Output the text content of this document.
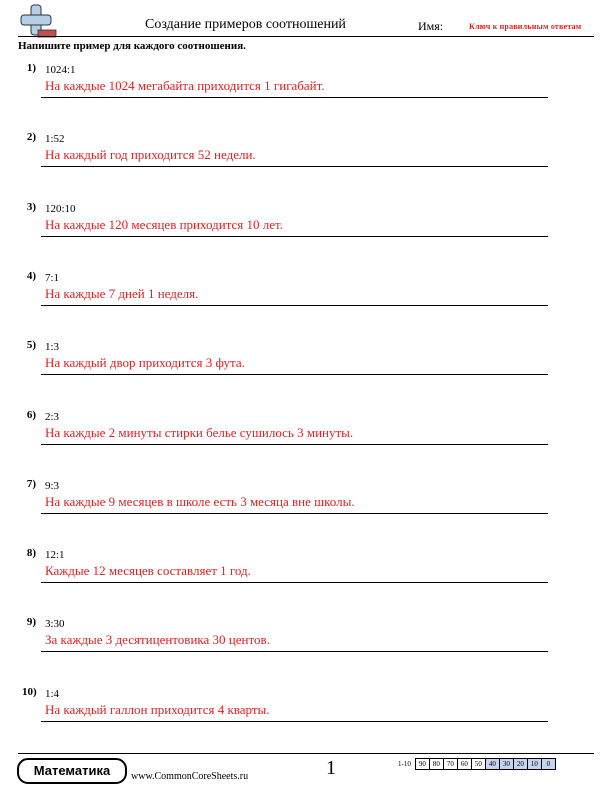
Создание примеров соотношений	Имя:	Ключ к правильным ответам
Напишите пример для каждого соотношения.
1) 1024:1
На каждые 1024 мегабайта приходится 1 гигабайт.
2) 1:52
На каждый год приходится 52 недели.
3) 120:10
На каждые 120 месяцев приходится 10 лет.
4) 7:1
На каждые 7 дней 1 неделя.
5) 1:3
На каждый двор приходится 3 фута.
6) 2:3
На каждые 2 минуты стирки белье сушилось 3 минуты.
7) 9:3
На каждые 9 месяцев в школе есть 3 месяца вне школы.
8) 12:1
Каждые 12 месяцев составляет 1 год.
9) 3:30
За каждые 3 десятицентовика 30 центов.
10) 1:4
На каждый галлон приходится 4 кварты.
Математика	www.CommonCoreSheets.ru	1	1-10	90	80	70	60	50	40	30	20	10	0
